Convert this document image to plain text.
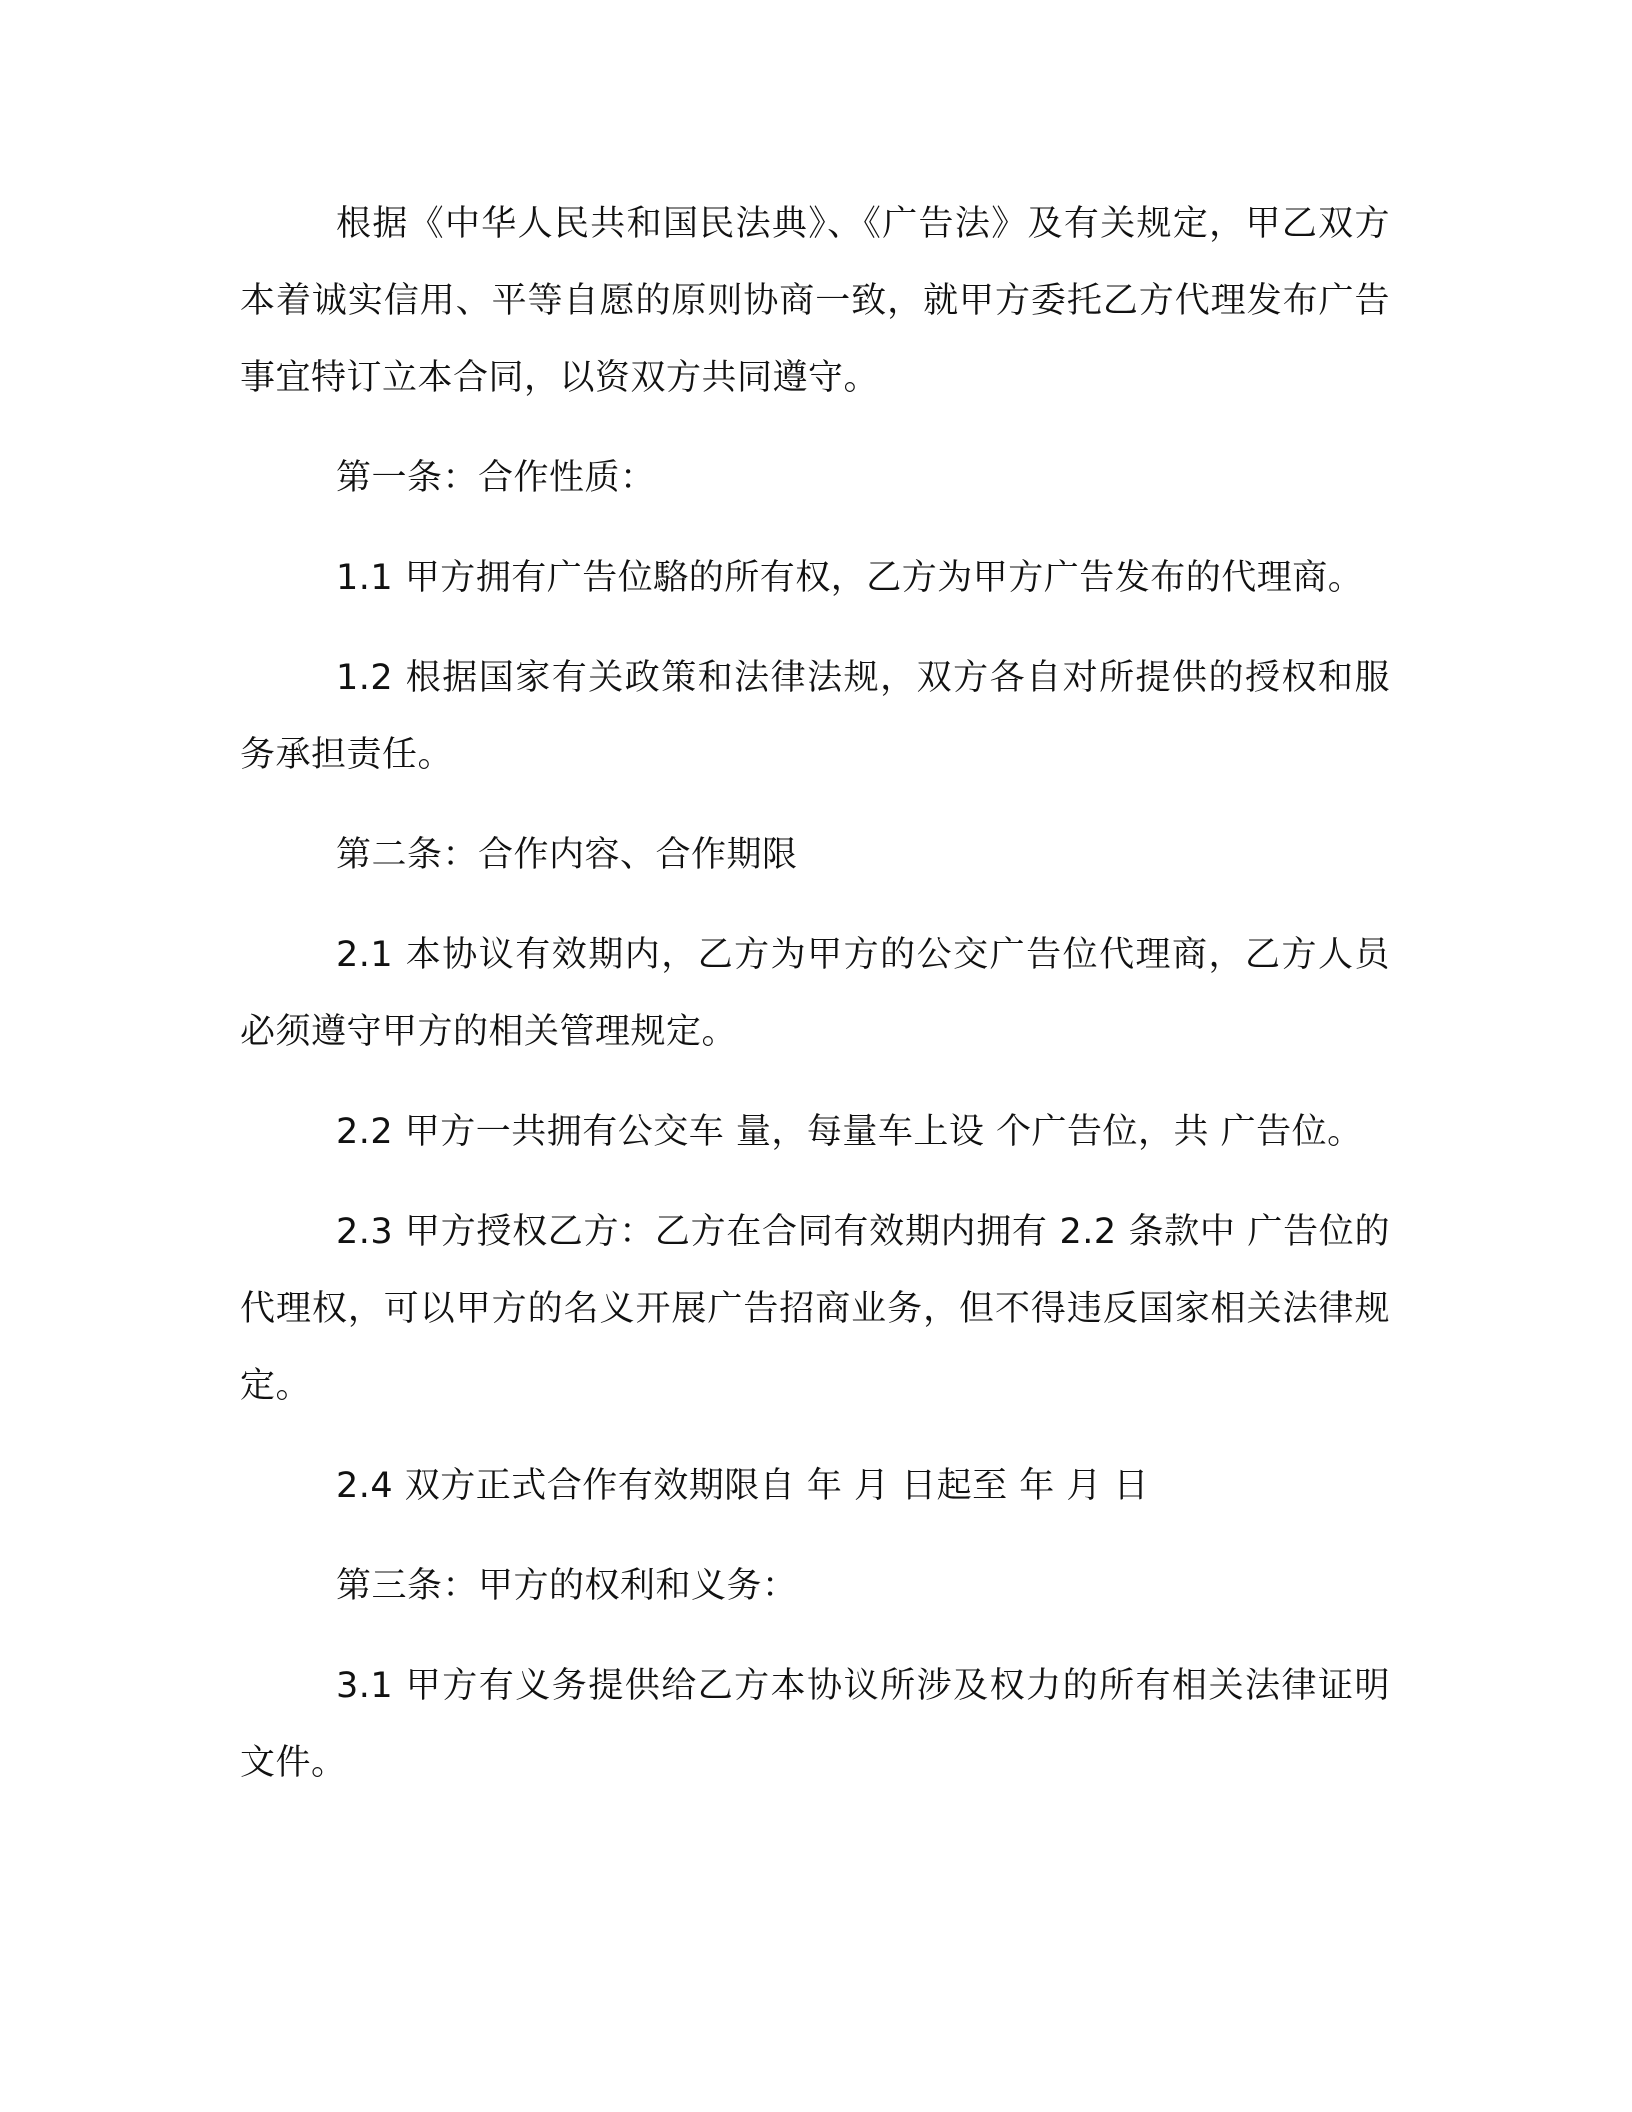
根据《中华人民共和国民法典》、《广告法》及有关规定，甲乙双方本着诚实信用、平等自愿的原则协商一致，就甲方委托乙方代理发布广告事宜特订立本合同，以资双方共同遵守。

第一条：合作性质：

1.1 甲方拥有广告位駱的所有权，乙方为甲方广告发布的代理商。

1.2 根据国家有关政策和法律法规，双方各自对所提供的授权和服务承担责任。

第二条：合作内容、合作期限

2.1 本协议有效期内，乙方为甲方的公交广告位代理商，乙方人员必须遵守甲方的相关管理规定。

2.2 甲方一共拥有公交车 量，每量车上设 个广告位，共 广告位。

2.3 甲方授权乙方：乙方在合同有效期内拥有 2.2 条款中 广告位的代理权，可以甲方的名义开展广告招商业务，但不得违反国家相关法律规定。

2.4 双方正式合作有效期限自 年 月 日起至 年 月 日

第三条：甲方的权利和义务：

3.1 甲方有义务提供给乙方本协议所涉及权力的所有相关法律证明文件。
